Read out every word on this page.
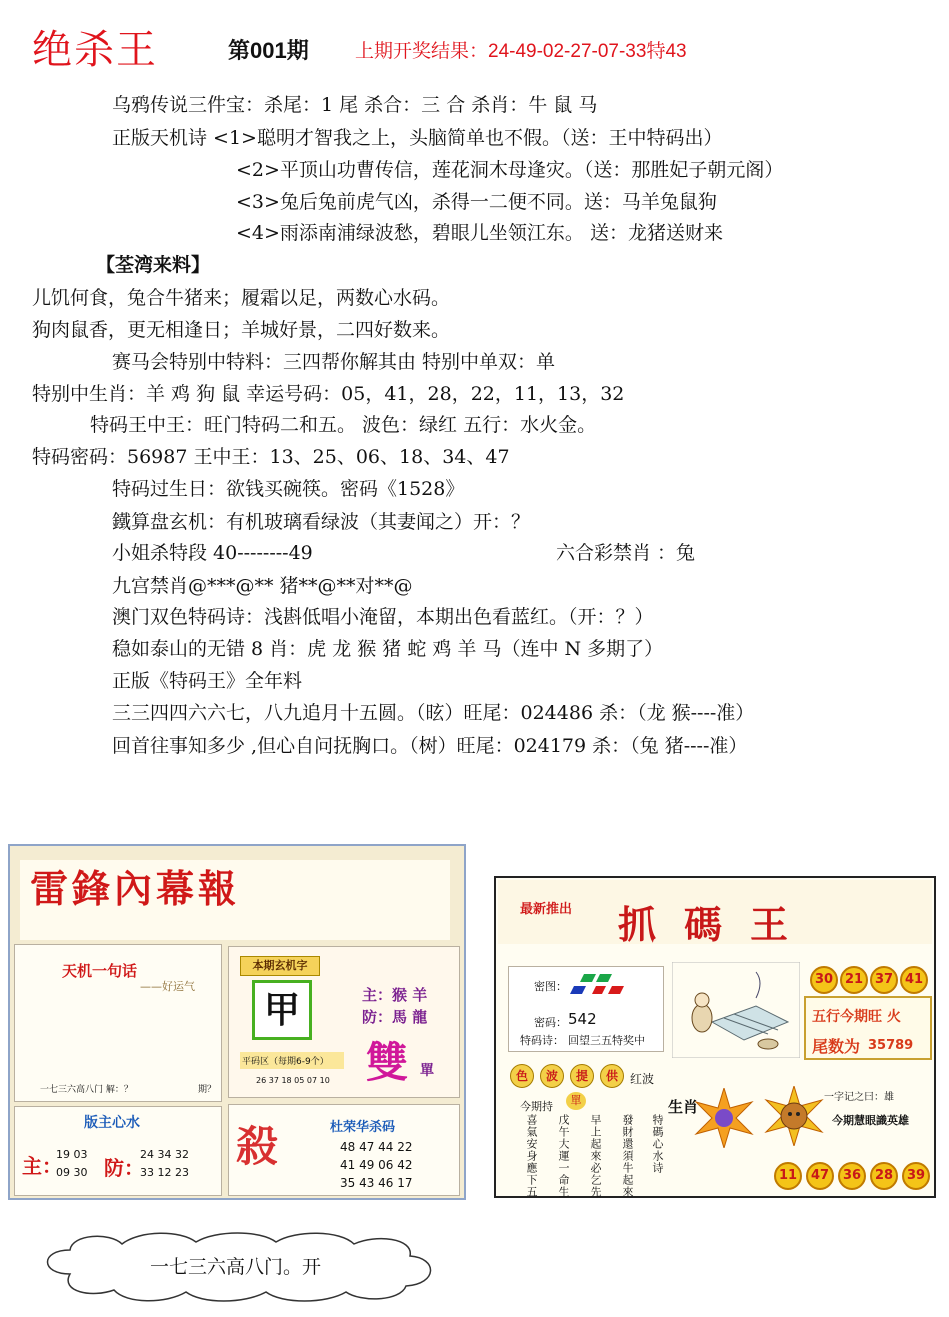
绝杀王	第001期 上期开奖结果：24-49-02-27-07-33特43
乌鸦传说三件宝：杀尾：1 尾 杀合：三 合 杀肖：牛 鼠 马
正版天机诗 <1>聪明才智我之上，头脑简单也不假。（送：王中特码出）
<2>平顶山功曹传信，莲花洞木母逢灾。（送：那胜妃子朝元阁）
<3>兔后兔前虎气凶，杀得一二便不同。送：马羊兔鼠狗
<4>雨添南浦绿波愁，碧眼儿坐领江东。 送：龙猪送财来
【荃湾来料】
儿饥何食，兔合牛猪来；履霜以足，两数心水码。
狗肉鼠香，更无相逢日；羊城好景，二四好数来。
赛马会特别中特料：三四帮你解其由 特别中单双：单
特别中生肖：羊 鸡 狗 鼠 幸运号码：05，41，28，22，11，13，32
特码王中王：旺门特码二和五。 波色：绿红 五行：水火金。
特码密码：56987 王中王：13、25、06、18、34、47
特码过生日：欲钱买碗筷。密码《1528》
鐵算盘玄机：有机玻璃看绿波（其妻闻之）开：？
小姐杀特段 40--------49	六合彩禁肖 ：兔
九宫禁肖@***@** 猪**@**对**@
澳门双色特码诗：浅斟低唱小淹留，本期出色看蓝红。（开：？）
稳如泰山的无错 8 肖：虎 龙 猴 猪 蛇 鸡 羊 马（连中 N 多期了）
正版《特码王》全年料
三三四四六六七，八九追月十五圆。（昡）旺尾：024486 杀：（龙 猴----准）
回首往事知多少 ,但心自问抚胸口。（树）旺尾：024179 杀：（兔 猪----准）
雷鋒內幕報
天机一句话
——好运气
一七三六高八门 解：？	期？
本期玄机字
甲
平码区（每期6-9个）
26 37 18 05 07 10
主：猴 羊
防：馬 龍
雙 單
版主心水
主：
19 03
09 30 防：
24 34 32
33 12 23
殺	杜荣华杀码
48 47 44 22
41 49 06 42
35 43 46 17
最新推出 抓碼王
30 21 37 41
密图：
密码： 542
特码诗： 回望三五特奖中
五行今期旺 火
尾数为 35789
色	波	提	供	红波
今期持	單
喜氣安身應下五 戊午大運一命生 早上起來必乞先 發財還須牛起來 特碼心水诗
生肖
一字记之曰：雄
今期慧眼識英雄
11	47	36	28	39
一七三六高八门。开
